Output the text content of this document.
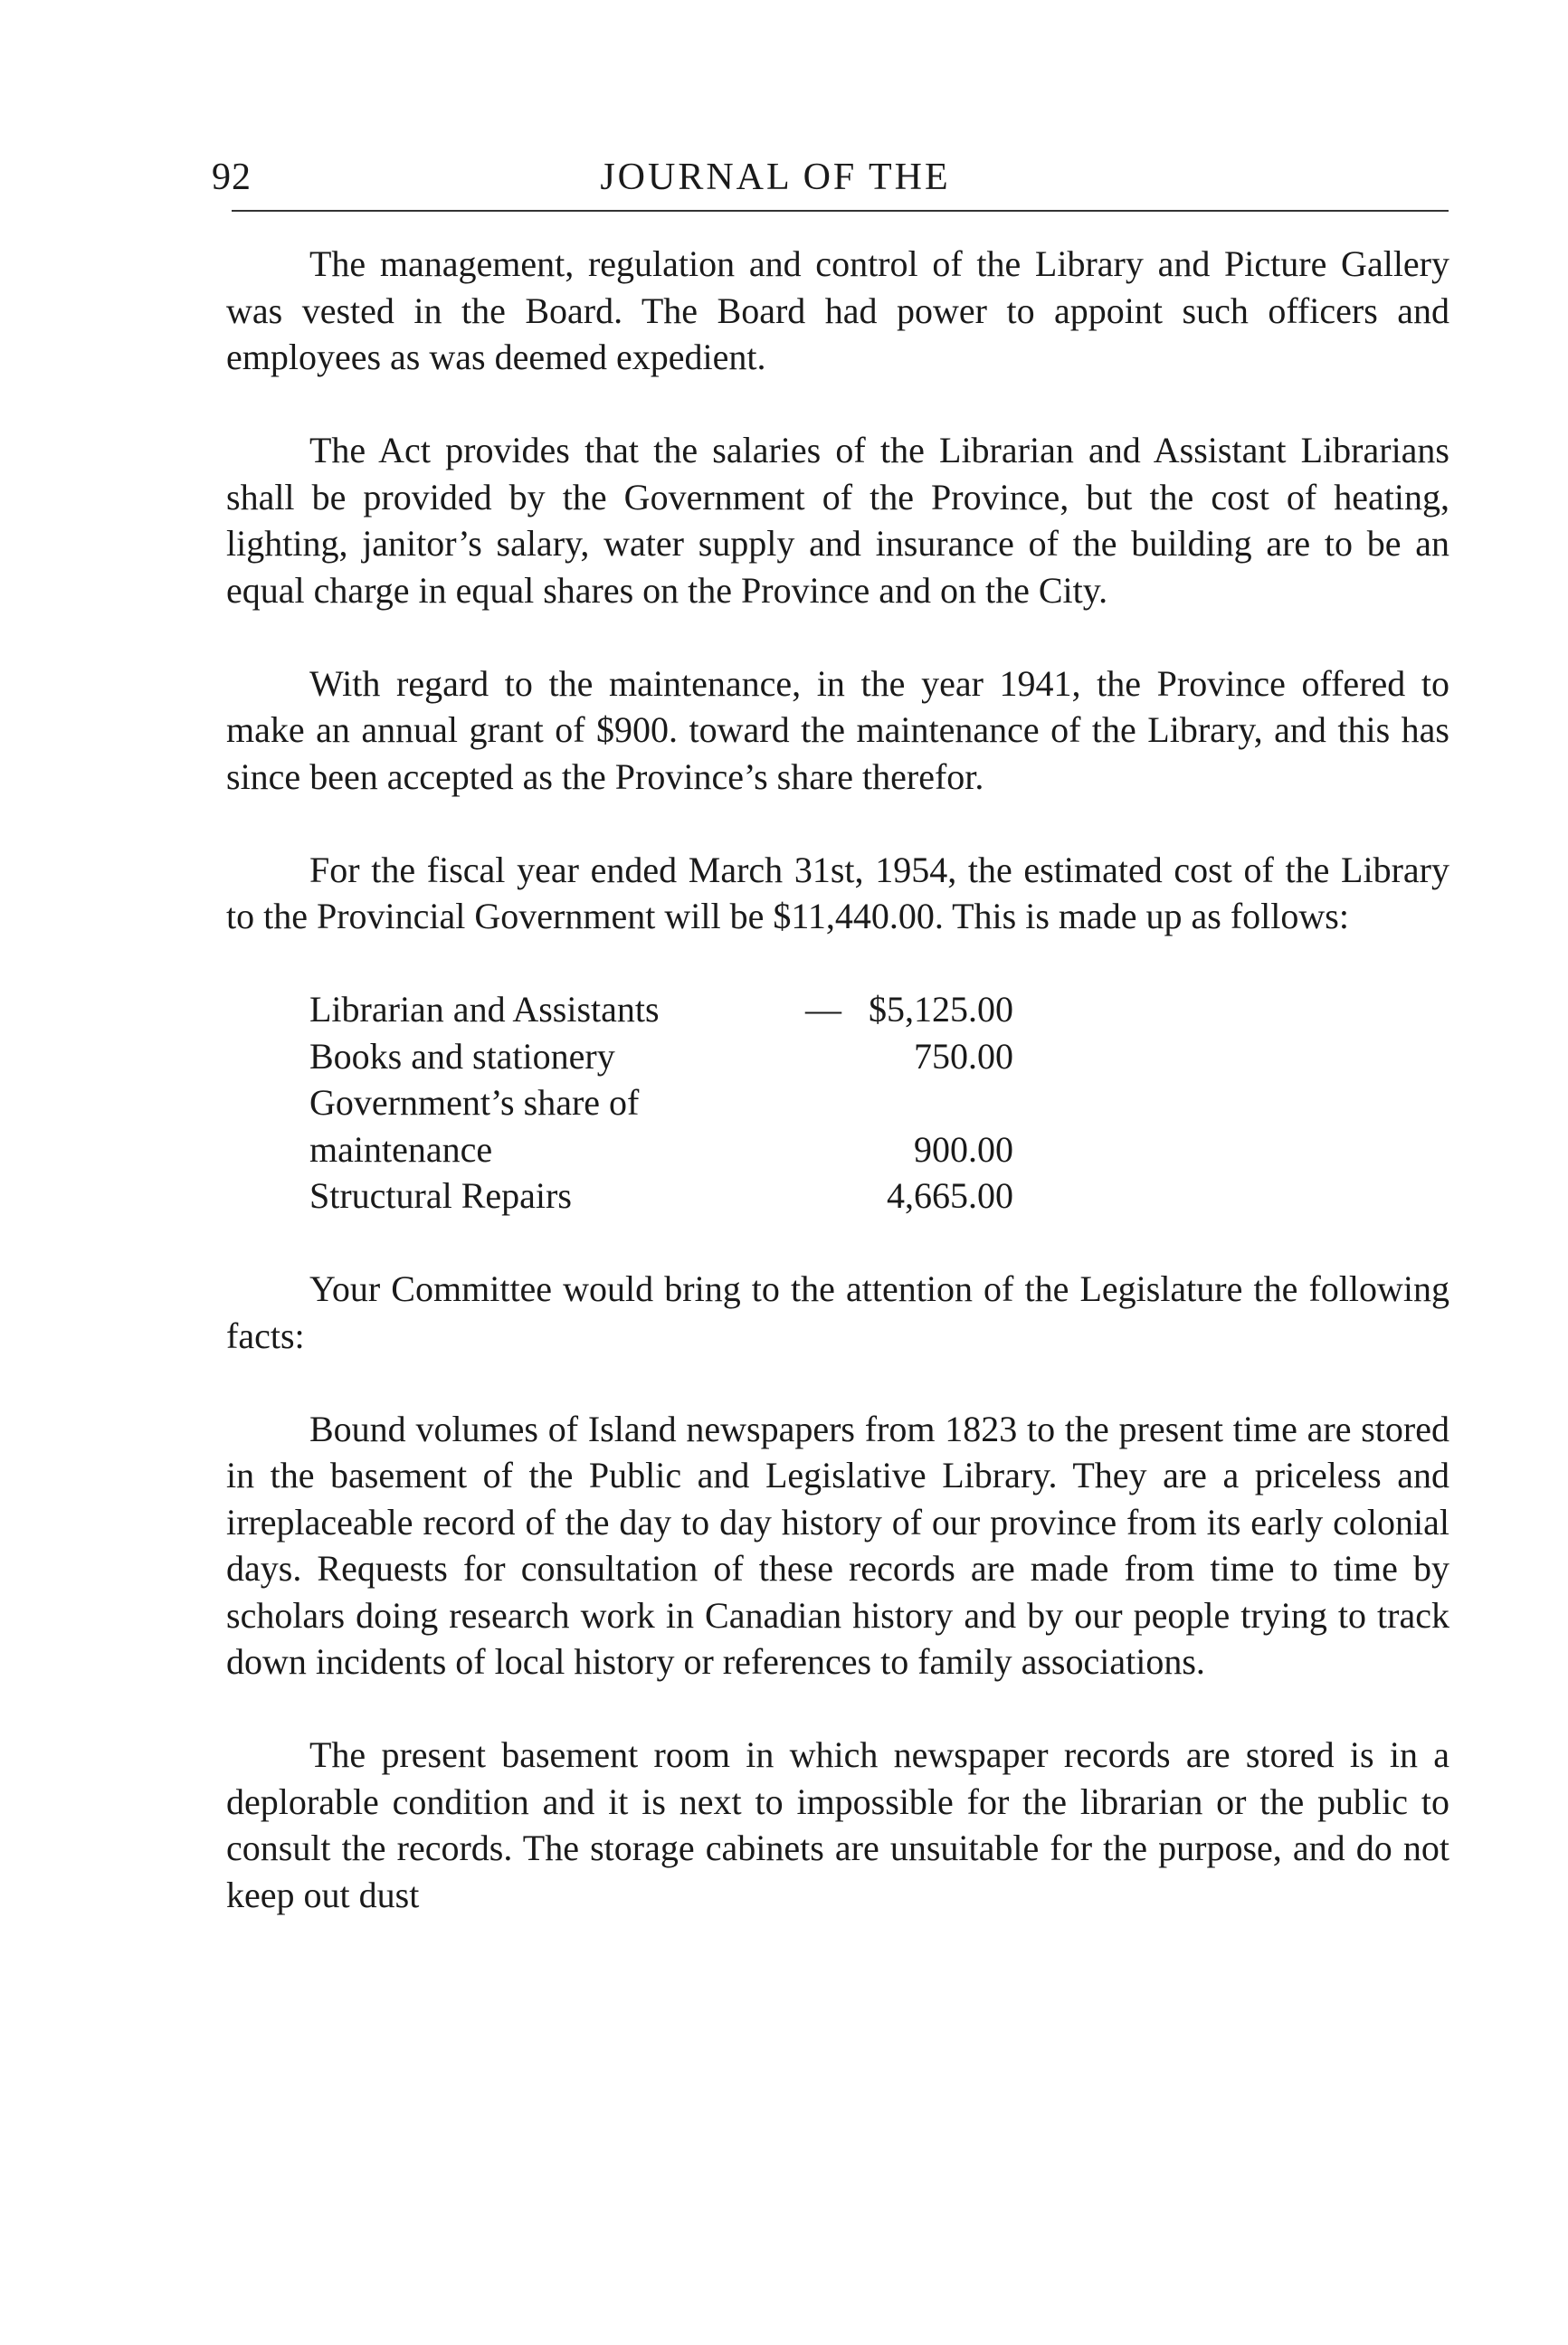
92	JOURNAL OF THE

The management, regulation and control of the Library and Picture Gallery was vested in the Board. The Board had power to appoint such officers and employees as was deemed expedient.

The Act provides that the salaries of the Librarian and Assistant Librarians shall be provided by the Government of the Province, but the cost of heating, lighting, janitor’s salary, water supply and insurance of the building are to be an equal charge in equal shares on the Province and on the City.

With regard to the maintenance, in the year 1941, the Province offered to make an annual grant of $900. toward the maintenance of the Library, and this has since been accepted as the Province’s share therefor.

For the fiscal year ended March 31st, 1954, the estimated cost of the Library to the Provincial Government will be $11,440.00. This is made up as follows:

Librarian and Assistants	—	$5,125.00
Books and stationery		750.00
Government’s share of		
maintenance		900.00
Structural Repairs		4,665.00

Your Committee would bring to the attention of the Legislature the following facts:

Bound volumes of Island newspapers from 1823 to the present time are stored in the basement of the Public and Legislative Library. They are a priceless and irreplaceable record of the day to day history of our province from its early colonial days. Requests for consultation of these records are made from time to time by scholars doing research work in Canadian history and by our people trying to track down incidents of local history or references to family associations.

The present basement room in which newspaper records are stored is in a deplorable condition and it is next to impossible for the librarian or the public to consult the records. The storage cabinets are unsuitable for the purpose, and do not keep out dust
